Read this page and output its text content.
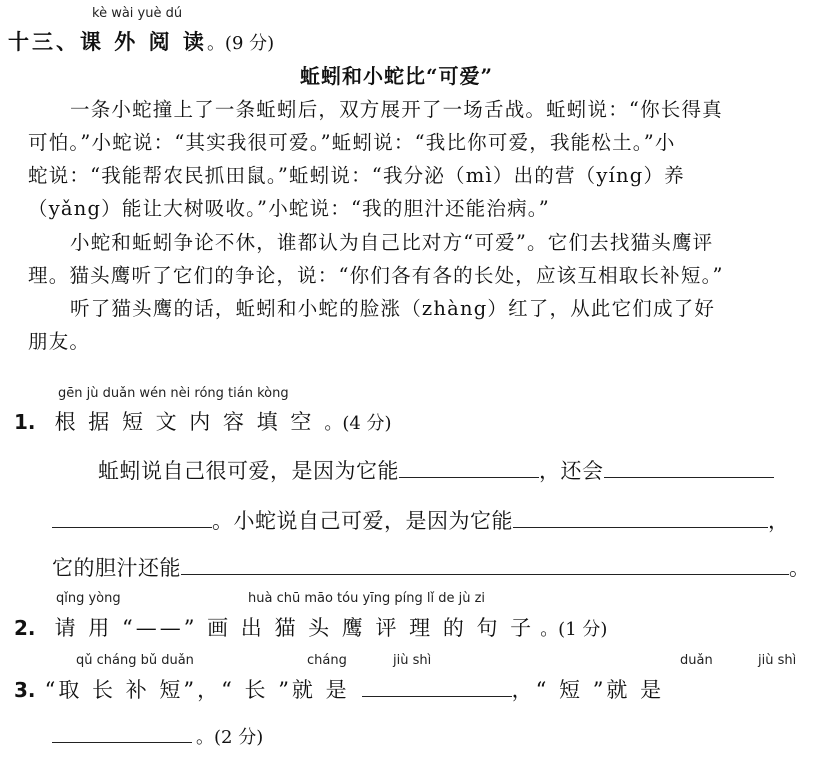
kè wài yuè dú
十三、课 外 阅 读。(9 分)
蚯蚓和小蛇比“可爱”
一条小蛇撞上了一条蚯蚓后，双方展开了一场舌战。蚯蚓说：“你长得真
可怕。”小蛇说：“其实我很可爱。”蚯蚓说：“我比你可爱，我能松土。”小
蛇说：“我能帮农民抓田鼠。”蚯蚓说：“我分泌（mì）出的营（yíng）养
（yǎng）能让大树吸收。”小蛇说：“我的胆汁还能治病。”
小蛇和蚯蚓争论不休，谁都认为自己比对方“可爱”。它们去找猫头鹰评
理。猫头鹰听了它们的争论，说：“你们各有各的长处，应该互相取长补短。”
听了猫头鹰的话，蚯蚓和小蛇的脸涨（zhàng）红了，从此它们成了好
朋友。
gēn jù duǎn wén nèi róng tián kòng
1. 根 据 短 文 内 容 填 空 。(4 分)
蚯蚓说自己很可爱，是因为它能	，还会
。小蛇说自己可爱，是因为它能	，
它的胆汁还能	。
qǐng yòng	huà chū māo tóu yīng píng lǐ de jù zi
2. 请 用 “——” 画 出 猫 头 鹰 评 理 的 句 子 。(1 分)
qǔ cháng bǔ duǎn	cháng	jiù shì	duǎn	jiù shì
3. “取 长 补 短”，“ 长 ”就 是	，“ 短 ”就 是
。(2 分)
